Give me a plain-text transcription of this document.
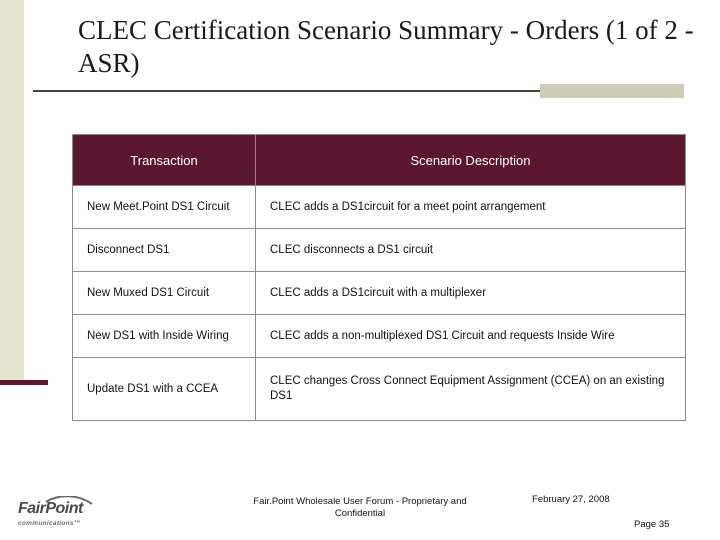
CLEC Certification Scenario Summary - Orders (1 of 2 - ASR)
Transaction	Scenario Description
New Meet.Point DS1 Circuit	CLEC adds a DS1circuit for a meet point arrangement
Disconnect DS1	CLEC disconnects a DS1 circuit
New Muxed DS1 Circuit	CLEC adds a DS1circuit with a multiplexer
New DS1 with Inside Wiring	CLEC adds a non-multiplexed DS1 Circuit and requests Inside Wire
Update DS1 with a CCEA	CLEC changes Cross Connect Equipment Assignment (CCEA) on an existing DS1
FairPoint
communications™
Fair.Point Wholesale User Forum - Proprietary and Confidential
February 27, 2008
Page 35
